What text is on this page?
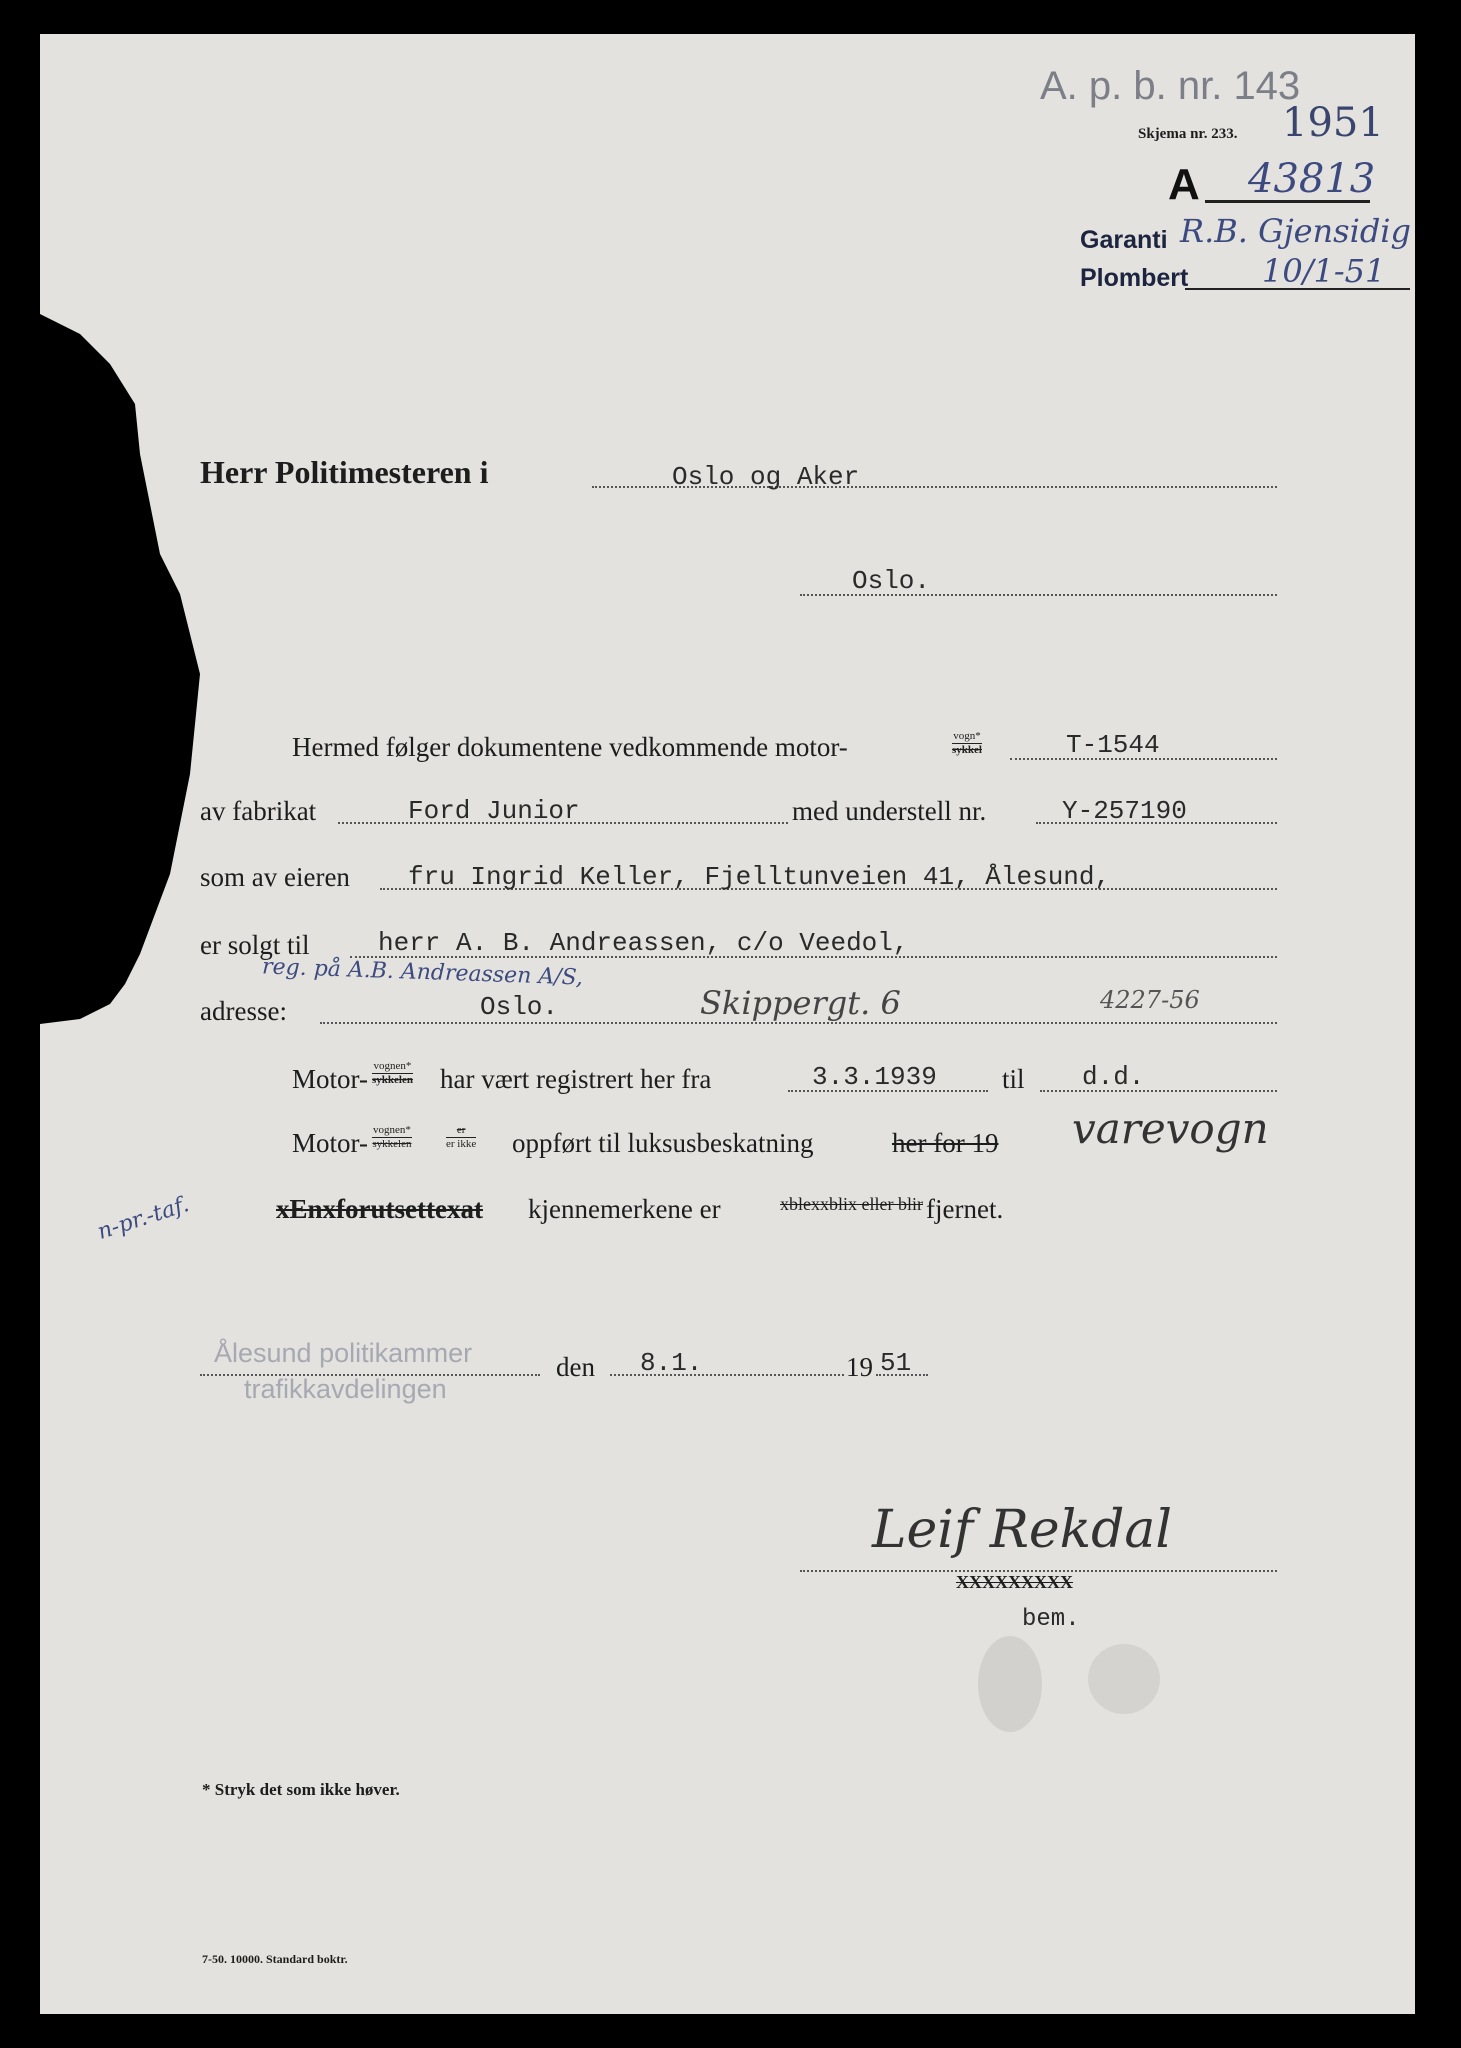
A. p. b. nr. 143
1951
Skjema nr. 233.
A 43813
Garanti R.B. Gjensidig
Plombert 10/1-51
Herr Politimesteren i	Oslo og Aker
Oslo.
Hermed følger dokumentene vedkommende motor-	vogn*
sykkel	T-1544
av fabrikat	Ford Junior	med understell nr.	Y-257190
som av eieren fru Ingrid Keller, Fjelltunveien 41, Ålesund,
er solgt til	herr A. B. Andreassen, c/o Veedol,
reg. på A.B. Andreassen A/S,
adresse:	Oslo.	Skippergt. 6	4227-56
Motor- vognen*
sykkelen har vært registrert her fra	3.3.1939 til d.d.
Motor- vognen*
sykkelen
er
er ikke oppført til luksusbeskatning	her for 19 varevogn
n-pr.-taf.	xEnxforutsettexat kjennemerkene er	xblexxblix eller blir fjernet.
Ålesund politikammer
trafikkavdelingen
den 8.1.	19 51
Leif Rekdal
XXXXXXXXX
bem.
* Stryk det som ikke høver.
7-50. 10000. Standard boktr.
